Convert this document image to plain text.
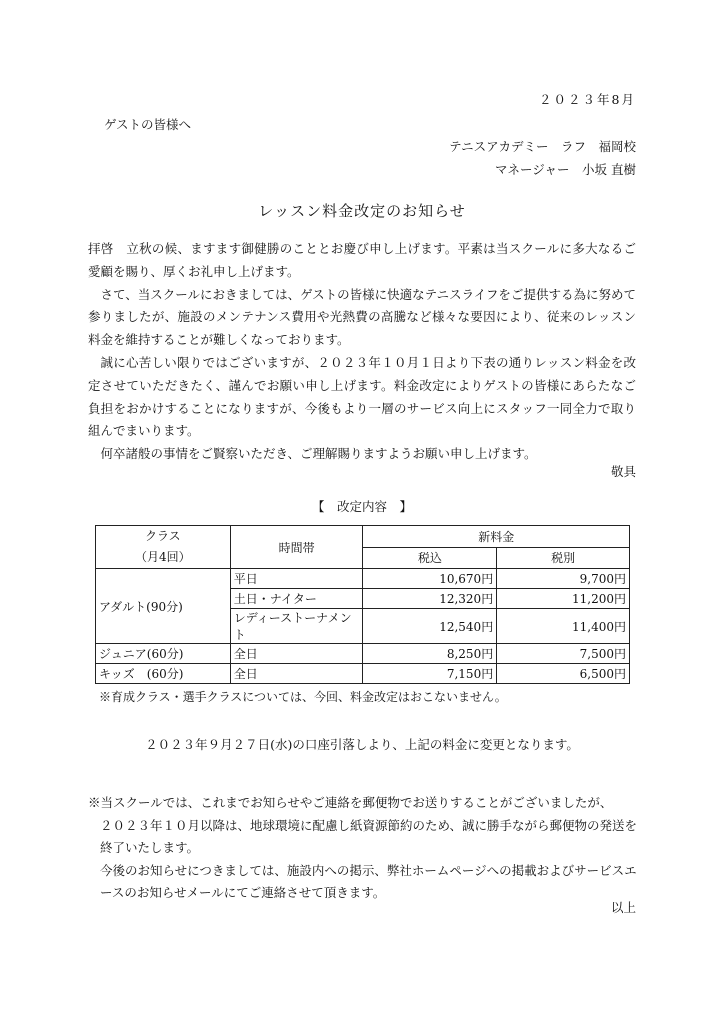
２０２３年8月
ゲストの皆様へ
テニスアカデミー　ラフ　福岡校
マネージャー　小坂 直樹
レッスン料金改定のお知らせ

拝啓　立秋の候、ますます御健勝のこととお慶び申し上げます。平素は当スクールに多大なるご愛顧を賜り、厚くお礼申し上げます。

さて、当スクールにおきましては、ゲストの皆様に快適なテニスライフをご提供する為に努めて参りましたが、施設のメンテナンス費用や光熱費の高騰など様々な要因により、従来のレッスン料金を維持することが難しくなっております。

誠に心苦しい限りではございますが、２０２３年１０月１日より下表の通りレッスン料金を改定させていただきたく、謹んでお願い申し上げます。料金改定によりゲストの皆様にあらたなご負担をおかけすることになりますが、今後もより一層のサービス向上にスタッフ一同全力で取り組んでまいります。

何卒諸般の事情をご賢察いただき、ご理解賜りますようお願い申し上げます。

敬具
【　改定内容　】
クラス
（月4回）	時間帯	新料金	
		税込	税別
アダルト(90分)	平日	10,670円	9,700円
	土日・ナイター	12,320円	11,200円
	レディーストーナメント	12,540円	11,400円
ジュニア(60分)	全日	8,250円	7,500円
キッズ　(60分)	全日	7,150円	6,500円
※育成クラス・選手クラスについては、今回、料金改定はおこないません。
２０２３年９月２７日(水)の口座引落しより、上記の料金に変更となります。

※当スクールでは、これまでお知らせやご連絡を郵便物でお送りすることがございましたが、

２０２３年１０月以降は、地球環境に配慮し紙資源節約のため、誠に勝手ながら郵便物の発送を終了いたします。

今後のお知らせにつきましては、施設内への掲示、弊社ホームページへの掲載およびサービスエースのお知らせメールにてご連絡させて頂きます。

以上
